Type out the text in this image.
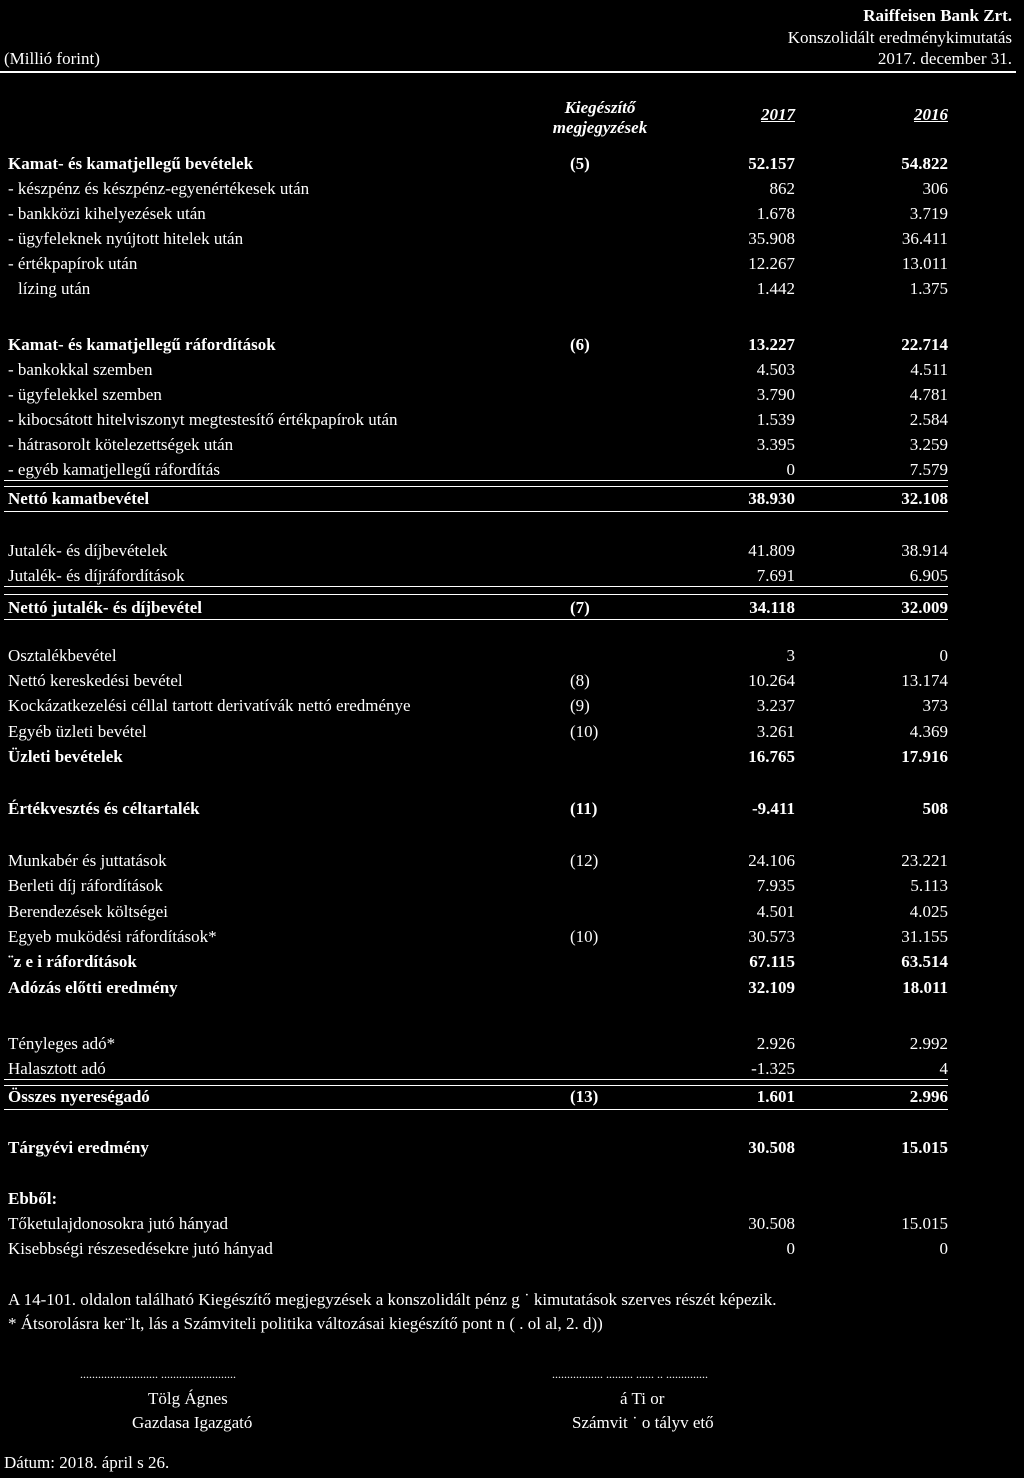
Raiffeisen Bank Zrt.
Konszolidált eredménykimutatás
(Millió forint)	2017. december 31.
Kiegészítő
megjegyzések
2017	2016
Kamat- és kamatjellegű bevételek	(5)	52.157	54.822
- készpénz és készpénz-egyenértékesek után	862	306
- bankközi kihelyezések után	1.678	3.719
- ügyfeleknek nyújtott hitelek után	35.908	36.411
- értékpapírok után	12.267	13.011
lízing után	1.442	1.375
Kamat- és kamatjellegű ráfordítások	(6)	13.227	22.714
- bankokkal szemben	4.503	4.511
- ügyfelekkel szemben	3.790	4.781
- kibocsátott hitelviszonyt megtestesítő értékpapírok után	1.539	2.584
- hátrasorolt kötelezettségek után	3.395	3.259
- egyéb kamatjellegű ráfordítás	0	7.579
Nettó kamatbevétel	38.930	32.108
Jutalék- és díjbevételek	41.809	38.914
Jutalék- és díjráfordítások	7.691	6.905
Nettó jutalék- és díjbevétel	(7)	34.118	32.009
Osztalékbevétel	3	0
Nettó kereskedési bevétel	(8)	10.264	13.174
Kockázatkezelési céllal tartott derivatívák nettó eredménye	(9)	3.237	373
Egyéb üzleti bevétel	(10)	3.261	4.369
Üzleti bevételek	16.765	17.916
Értékvesztés és céltartalék	(11)	-9.411	508
Munkabér és juttatások	(12)	24.106	23.221
Berleti díj ráfordítások	7.935	5.113
Berendezések költségei	4.501	4.025
Egyeb muködési ráfordítások*	(10)	30.573	31.155
¨z e i ráfordítások	67.115	63.514
Adózás előtti eredmény	32.109	18.011
Tényleges adó*	2.926	2.992
Halasztott adó	-1.325	4
Összes nyereségadó	(13)	1.601	2.996
Tárgyévi eredmény	30.508	15.015
Ebből:
Tőketulajdonosokra jutó hányad	30.508	15.015
Kisebbségi részesedésekre jutó hányad	0	0
A 14-101. oldalon található Kiegészítő megjegyzések a konszolidált pénz g ˙ kimutatások szerves részét képezik.
* Átsorolásra ker¨lt, lás a Számviteli politika változásai kiegészítő pont n ( . ol al, 2. d))
.......................... .........................	................. ......... ...... .. ..............
Tölg Ágnes
Gazdasa Igazgató
á Ti or
Számvit ˙ o tályv ető
Dátum: 2018. ápril s 26.
